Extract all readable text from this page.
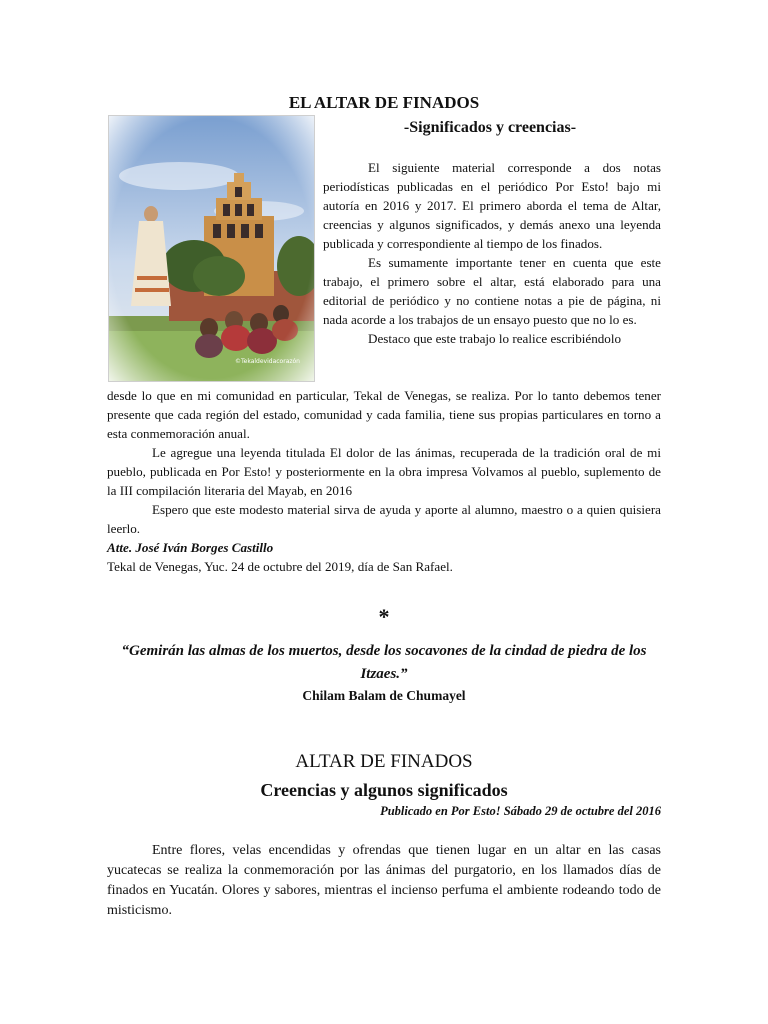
EL ALTAR DE FINADOS
-Significados y creencias-
©Tekaldevidacorazón

El siguiente material corresponde a dos notas periodísticas publicadas en el periódico Por Esto! bajo mi autoría en 2016 y 2017. El primero aborda el tema de Altar, creencias y algunos significados, y demás anexo una leyenda publicada y correspondiente al tiempo de los finados.

Es sumamente importante tener en cuenta que este trabajo, el primero sobre el altar, está elaborado para una editorial de periódico y no contiene notas a pie de página, ni nada acorde a los trabajos de un ensayo puesto que no lo es.

Destaco que este trabajo lo realice escribiéndolo

desde lo que en mi comunidad en particular, Tekal de Venegas, se realiza. Por lo tanto debemos tener presente que cada región del estado, comunidad y cada familia, tiene sus propias particulares en torno a esta conmemoración anual.

Le agregue una leyenda titulada El dolor de las ánimas, recuperada de la tradición oral de mi pueblo, publicada en Por Esto! y posteriormente en la obra impresa Volvamos al pueblo, suplemento de la III compilación literaria del Mayab, en 2016

Espero que este modesto material sirva de ayuda y aporte al alumno, maestro o a quien quisiera leerlo.

Atte. José Iván Borges Castillo

Tekal de Venegas, Yuc. 24 de octubre del 2019, día de San Rafael.

*
“Gemirán las almas de los muertos, desde los socavones de la cindad de piedra de los Itzaes.”
Chilam Balam de Chumayel
ALTAR DE FINADOS
Creencias y algunos significados
Publicado en Por Esto! Sábado 29 de octubre del 2016

Entre flores, velas encendidas y ofrendas que tienen lugar en un altar en las casas yucatecas se realiza la conmemoración por las ánimas del purgatorio, en los llamados días de finados en Yucatán. Olores y sabores, mientras el incienso perfuma el ambiente rodeando todo de misticismo.
